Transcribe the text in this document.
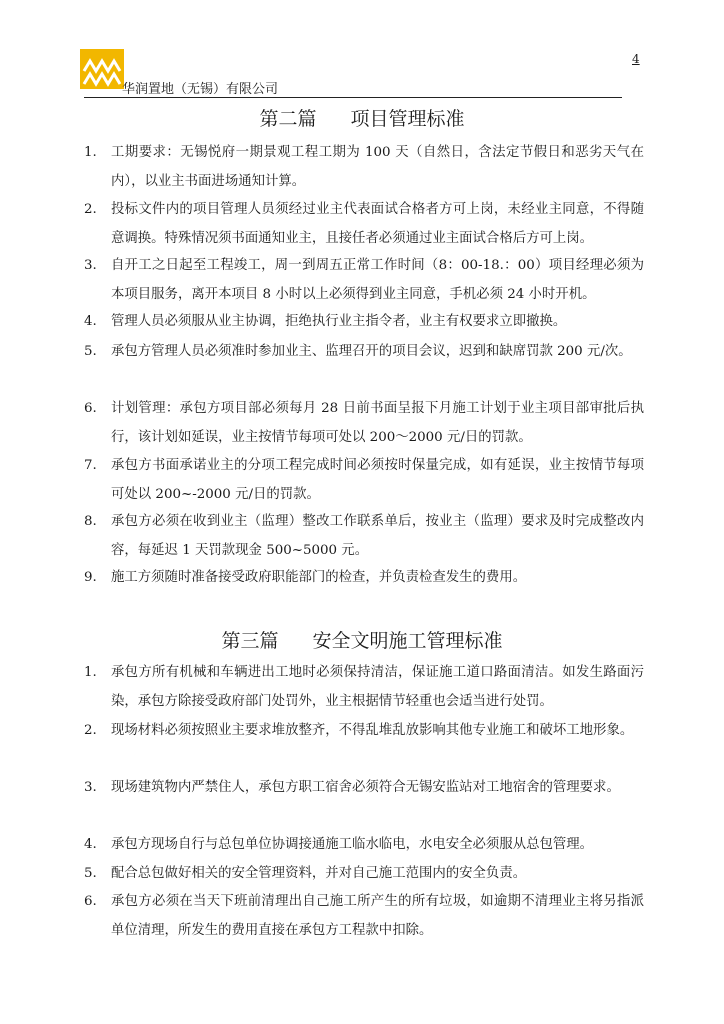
华润置地（无锡）有限公司
4
第二篇 项目管理标准
1.	工期要求：无锡悦府一期景观工程工期为 100 天（自然日，含法定节假日和恶劣天气在内），以业主书面进场通知计算。
2.	投标文件内的项目管理人员须经过业主代表面试合格者方可上岗，未经业主同意，不得随意调换。特殊情况须书面通知业主，且接任者必须通过业主面试合格后方可上岗。
3.	自开工之日起至工程竣工，周一到周五正常工作时间（8：00-18.：00）项目经理必须为本项目服务，离开本项目 8 小时以上必须得到业主同意，手机必须 24 小时开机。
4.	管理人员必须服从业主协调，拒绝执行业主指令者，业主有权要求立即撤换。
5.	承包方管理人员必须准时参加业主、监理召开的项目会议，迟到和缺席罚款 200 元/次。
6.	计划管理：承包方项目部必须每月 28 日前书面呈报下月施工计划于业主项目部审批后执行，该计划如延误，业主按情节每项可处以 200～2000 元/日的罚款。
7.	承包方书面承诺业主的分项工程完成时间必须按时保量完成，如有延误，业主按情节每项可处以 200~-2000 元/日的罚款。
8.	承包方必须在收到业主（监理）整改工作联系单后，按业主（监理）要求及时完成整改内容，每延迟 1 天罚款现金 500~5000 元。
9.	施工方须随时准备接受政府职能部门的检查，并负责检查发生的费用。
第三篇 安全文明施工管理标准
1.	承包方所有机械和车辆进出工地时必须保持清洁，保证施工道口路面清洁。如发生路面污染，承包方除接受政府部门处罚外，业主根据情节轻重也会适当进行处罚。
2.	现场材料必须按照业主要求堆放整齐，不得乱堆乱放影响其他专业施工和破坏工地形象。
3.	现场建筑物内严禁住人，承包方职工宿舍必须符合无锡安监站对工地宿舍的管理要求。
4.	承包方现场自行与总包单位协调接通施工临水临电，水电安全必须服从总包管理。
5.	配合总包做好相关的安全管理资料，并对自己施工范围内的安全负责。
6.	承包方必须在当天下班前清理出自己施工所产生的所有垃圾，如逾期不清理业主将另指派单位清理，所发生的费用直接在承包方工程款中扣除。
